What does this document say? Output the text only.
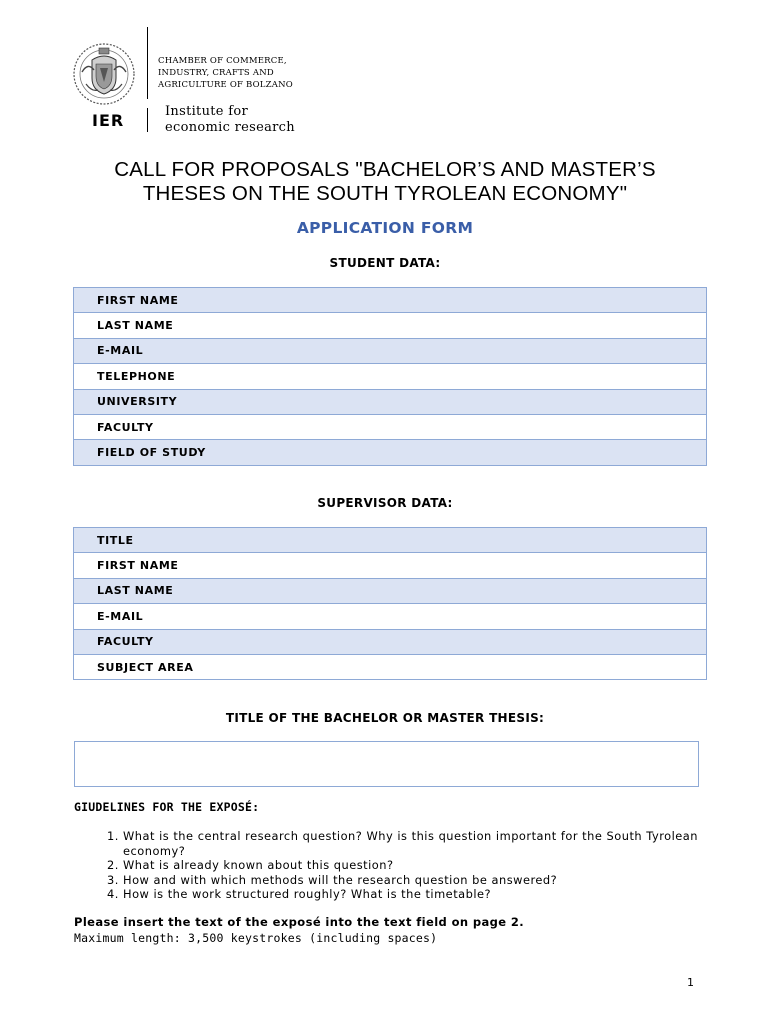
CHAMBER OF COMMERCE,
INDUSTRY, CRAFTS AND
AGRICULTURE OF BOLZANO
IER	Institute for
economic research
CALL FOR PROPOSALS "BACHELOR’S AND MASTER’S
THESES ON THE SOUTH TYROLEAN ECONOMY"
APPLICATION FORM
STUDENT DATA:
FIRST NAME
LAST NAME
E-MAIL
TELEPHONE
UNIVERSITY
FACULTY
FIELD OF STUDY
SUPERVISOR DATA:
TITLE
FIRST NAME
LAST NAME
E-MAIL
FACULTY
SUBJECT AREA
TITLE OF THE BACHELOR OR MASTER THESIS:
GIUDELINES FOR THE EXPOSÉ:
1. What is the central research question? Why is this question important for the South Tyrolean economy?
2. What is already known about this question?
3. How and with which methods will the research question be answered?
4. How is the work structured roughly? What is the timetable?
Please insert the text of the exposé into the text field on page 2.
Maximum length: 3,500 keystrokes (including spaces)
1
